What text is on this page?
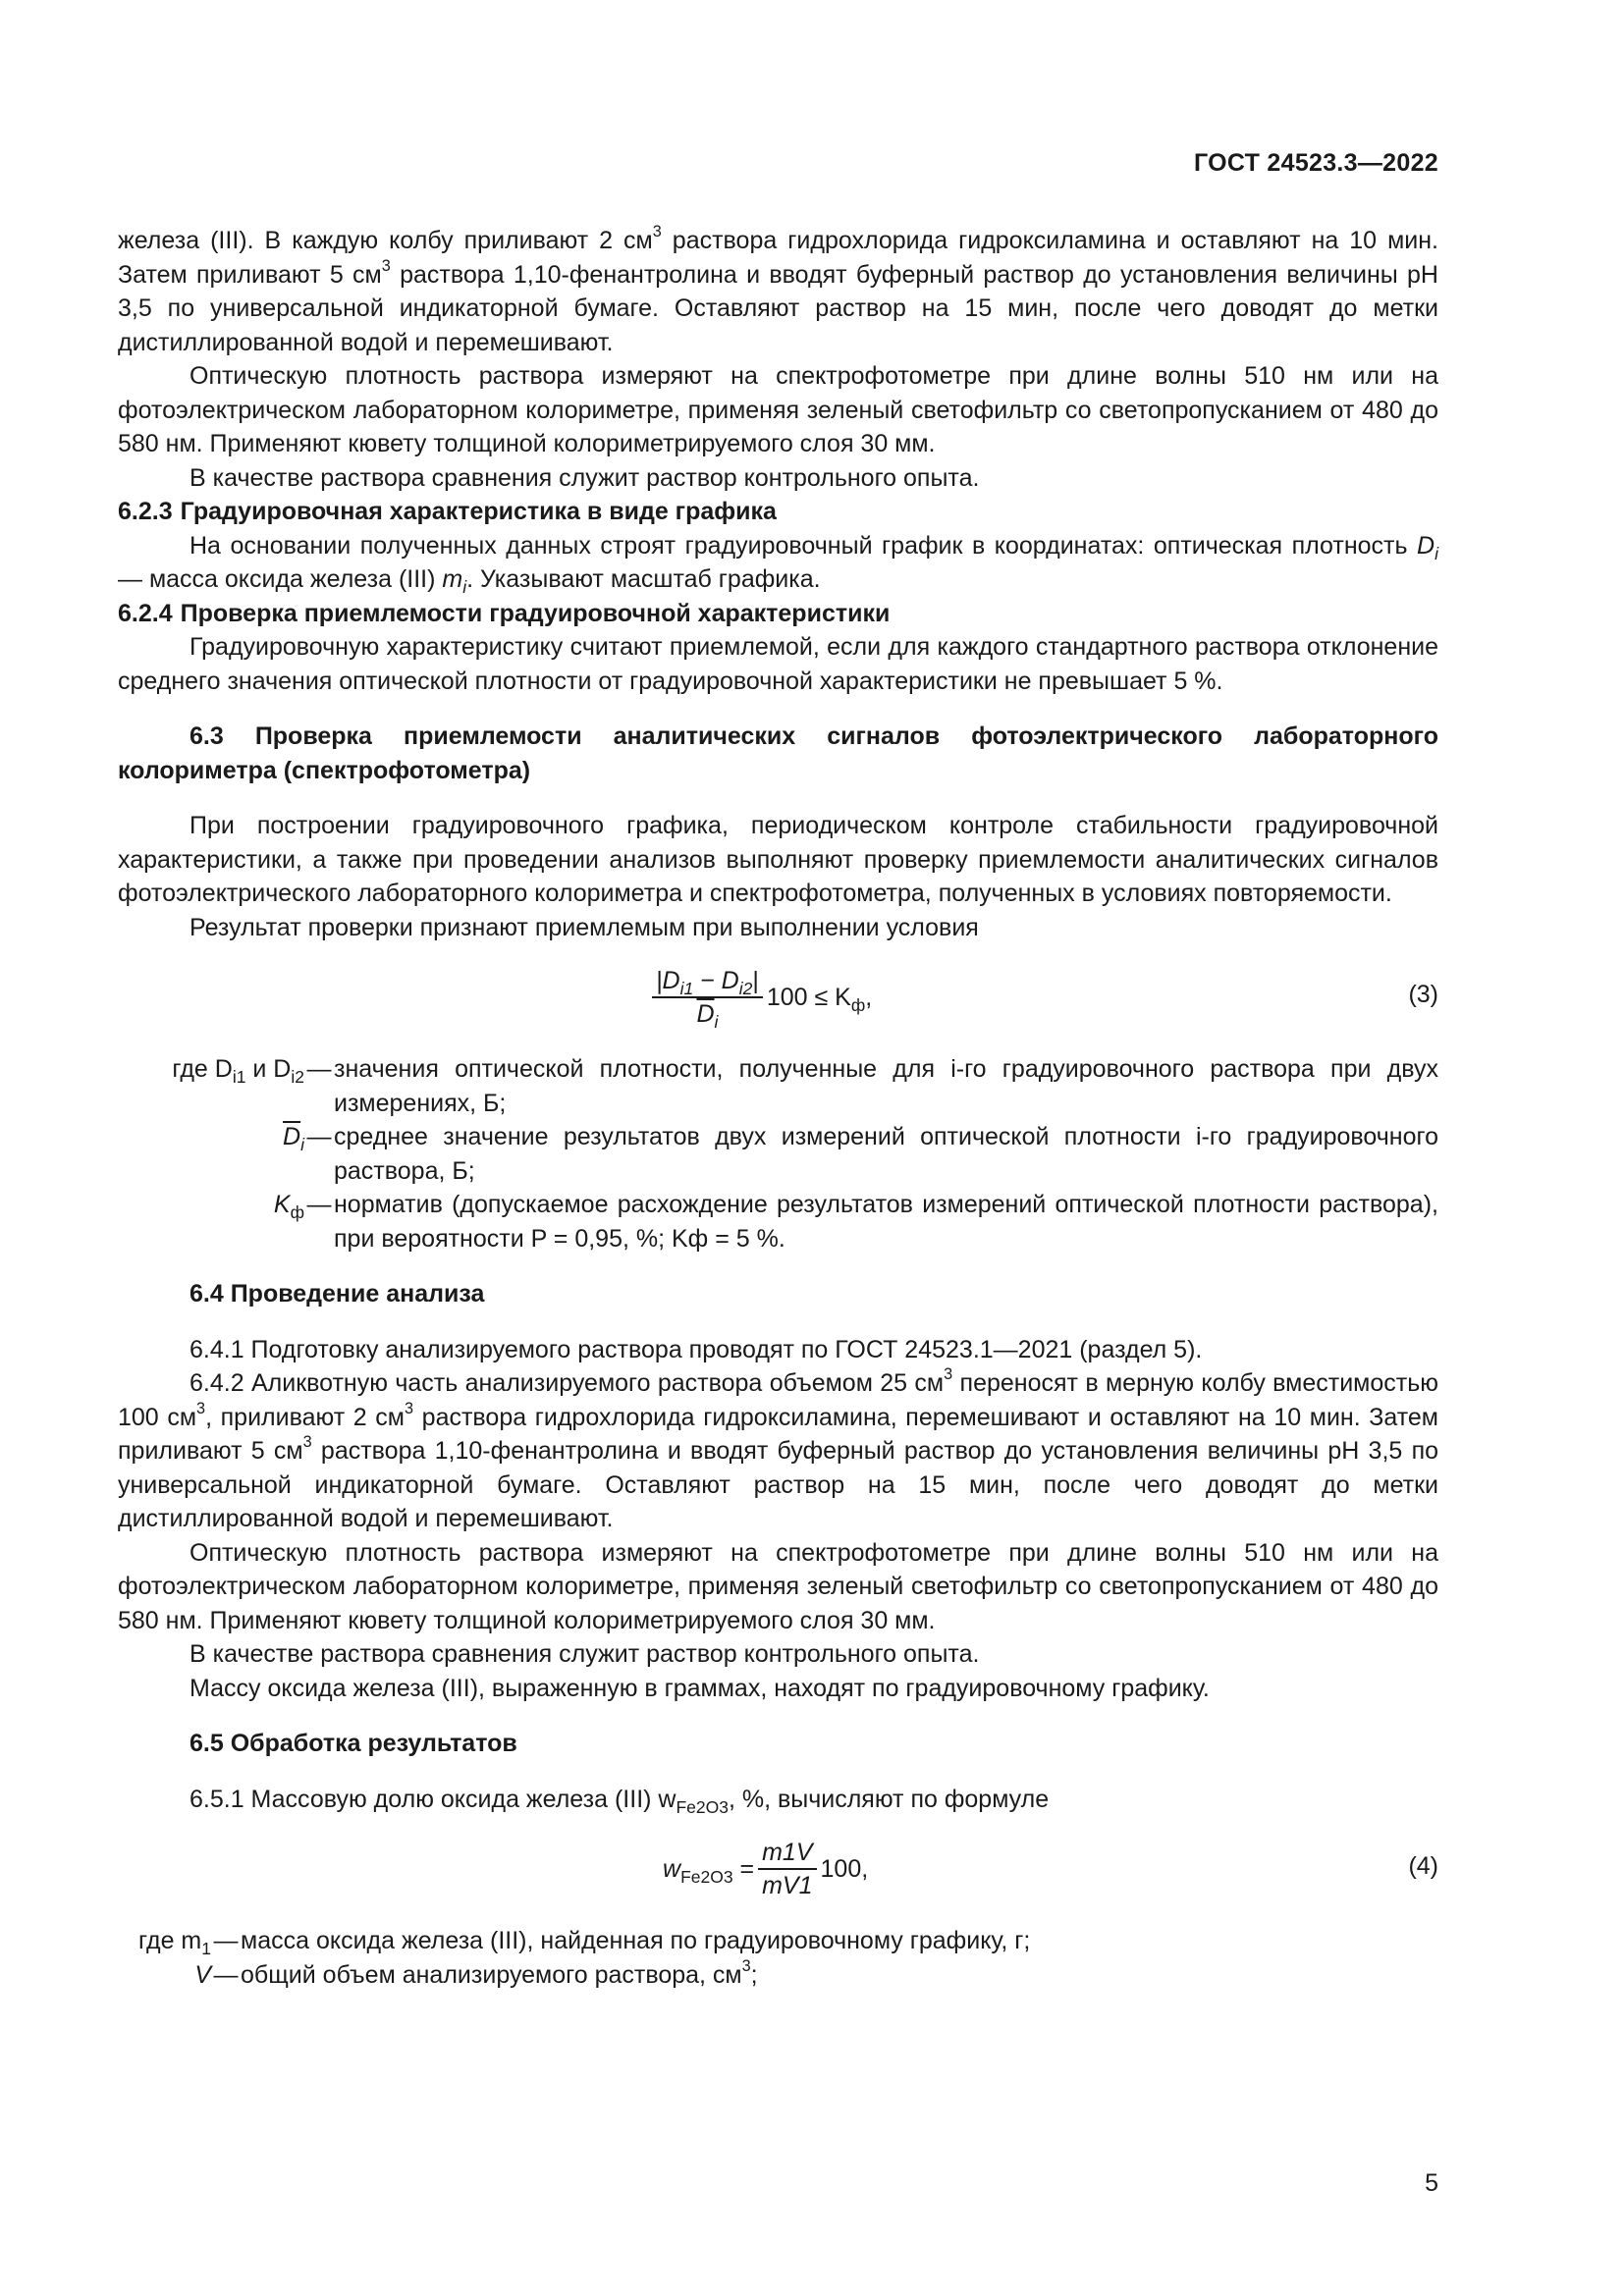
ГОСТ 24523.3—2022

железа (III). В каждую колбу приливают 2 $см^3$ раствора гидрохлорида гидроксиламина и оставляют на 10 мин. Затем приливают 5 $см^3$ раствора 1,10-фенантролина и вводят буферный раствор до установления величины рН 3,5 по универсальной индикаторной бумаге. Оставляют раствор на 15 мин, после чего доводят до метки дистиллированной водой и перемешивают.

Оптическую плотность раствора измеряют на спектрофотометре при длине волны 510 нм или на фотоэлектрическом лабораторном колориметре, применяя зеленый светофильтр со светопропусканием от 480 до 580 нм. Применяют кювету толщиной колориметрируемого слоя 30 мм.

В качестве раствора сравнения служит раствор контрольного опыта.

6.2.3 Градуировочная характеристика в виде графика

На основании полученных данных строят градуировочный график в координатах: оптическая плотность $D_i$ — масса оксида железа (III) $m_i$. Указывают масштаб графика.

6.2.4 Проверка приемлемости градуировочной характеристики

Градуировочную характеристику считают приемлемой, если для каждого стандартного раствора отклонение среднего значения оптической плотности от градуировочной характеристики не превышает 5 %.

6.3 Проверка приемлемости аналитических сигналов фотоэлектрического лабораторного колориметра (спектрофотометра)

При построении градуировочного графика, периодическом контроле стабильности градуировочной характеристики, а также при проведении анализов выполняют проверку приемлемости аналитических сигналов фотоэлектрического лабораторного колориметра и спектрофотометра, полученных в условиях повторяемости.

Результат проверки признают приемлемым при выполнении условия

$\frac{|D_{i1} - D_{i2}|}{\overline{D}_i} 100 \le K_ф$,	(3)
где $D_{i1}$ и $D_{i2}$ — значения оптической плотности, полученные для i-го градуировочного раствора при двух измерениях, Б;
$\overline{D}_i$ — среднее значение результатов двух измерений оптической плотности i-го градуировочного раствора, Б;
$K_ф$ — норматив (допускаемое расхождение результатов измерений оптической плотности раствора), при вероятности P = 0,95, %; Kф = 5 %.

6.4 Проведение анализа

6.4.1 Подготовку анализируемого раствора проводят по ГОСТ 24523.1—2021 (раздел 5).

6.4.2 Аликвотную часть анализируемого раствора объемом 25 $см^3$ переносят в мерную колбу вместимостью 100 $см^3$, приливают 2 $см^3$ раствора гидрохлорида гидроксиламина, перемешивают и оставляют на 10 мин. Затем приливают 5 $см^3$ раствора 1,10-фенантролина и вводят буферный раствор до установления величины рН 3,5 по универсальной индикаторной бумаге. Оставляют раствор на 15 мин, после чего доводят до метки дистиллированной водой и перемешивают.

Оптическую плотность раствора измеряют на спектрофотометре при длине волны 510 нм или на фотоэлектрическом лабораторном колориметре, применяя зеленый светофильтр со светопропусканием от 480 до 580 нм. Применяют кювету толщиной колориметрируемого слоя 30 мм.

В качестве раствора сравнения служит раствор контрольного опыта.

Массу оксида железа (III), выраженную в граммах, находят по градуировочному графику.

6.5 Обработка результатов

6.5.1 Массовую долю оксида железа (III) $w_{Fe2O3}$, %, вычисляют по формуле

$w_{Fe2O3} = \frac{m1V}{mV1} 100$,	(4)
где $m_1$ — масса оксида железа (III), найденная по градуировочному графику, г;
V — общий объем анализируемого раствора, $см^3$;
5
